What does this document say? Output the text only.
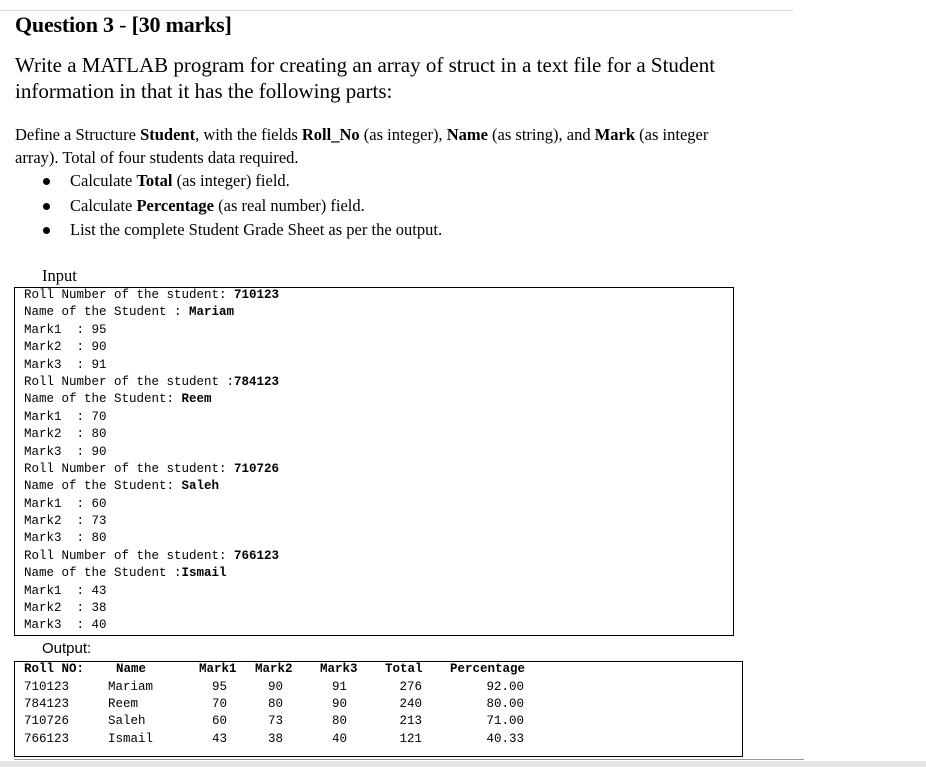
Question 3 - [30 marks]
Write a MATLAB program for creating an array of struct in a text file for a Student information in that it has the following parts:
Define a Structure Student, with the fields Roll_No (as integer), Name (as string), and Mark (as integer array). Total of four students data required.
Calculate Total (as integer) field.
Calculate Percentage (as real number) field.
List the complete Student Grade Sheet as per the output.
Input
Roll Number of the student: 710123
Name of the Student : Mariam
Mark1  : 95
Mark2  : 90
Mark3  : 91
Roll Number of the student :784123
Name of the Student: Reem
Mark1  : 70
Mark2  : 80
Mark3  : 90
Roll Number of the student: 710726
Name of the Student: Saleh
Mark1  : 60
Mark2  : 73
Mark3  : 80
Roll Number of the student: 766123
Name of the Student :Ismail
Mark1  : 43
Mark2  : 38
Mark3  : 40
Output:
Roll NO:	Name	Mark1 Mark2 Mark3 Total Percentage
710123	Mariam	95	90	91	276	92.00
784123	Reem	70	80	90	240	80.00
710726	Saleh	60	73	80	213	71.00
766123	Ismail	43	38	40	121	40.33
